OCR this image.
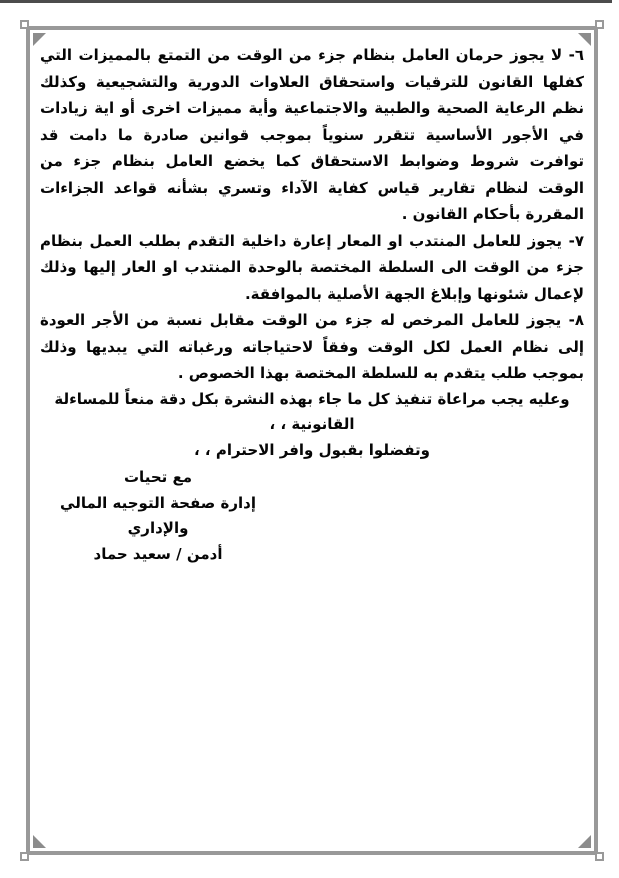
٦- لا يجوز حرمان العامل بنظام جزء من الوقت من التمتع بالمميزات التي كفلها القانون للترقيات واستحقاق العلاوات الدورية والتشجيعية وكذلك نظم الرعاية الصحية والطبية والاجتماعية وأية مميزات اخرى أو اية زيادات في الأجور الأساسية تتقرر سنوياً بموجب قوانين صادرة ما دامت قد توافرت شروط وضوابط الاستحقاق كما يخضع العامل بنظام جزء من الوقت لنظام تقارير قياس كفاية الآداء وتسري بشأنه قواعد الجزاءات المقررة بأحكام القانون .

٧- يجوز للعامل المنتدب او المعار إعارة داخلية التقدم بطلب العمل بنظام جزء من الوقت الى السلطة المختصة بالوحدة المنتدب او العار إليها وذلك لإعمال شئونها وإبلاغ الجهة الأصلية بالموافقة.

٨- يجوز للعامل المرخص له جزء من الوقت مقابل نسبة من الأجر العودة إلى نظام العمل لكل الوقت وفقاً لاحتياجاته ورغباته التي يبديها وذلك بموجب طلب يتقدم به للسلطة المختصة بهذا الخصوص .

وعليه يجب مراعاة تنفيذ كل ما جاء بهذه النشرة بكل دقة منعاً للمساءلة القانونية ، ،

وتفضلوا بقبول وافر الاحترام ، ،

مع تحيات
إدارة صفحة التوجيه المالي والإداري
أدمن / سعيد حماد
